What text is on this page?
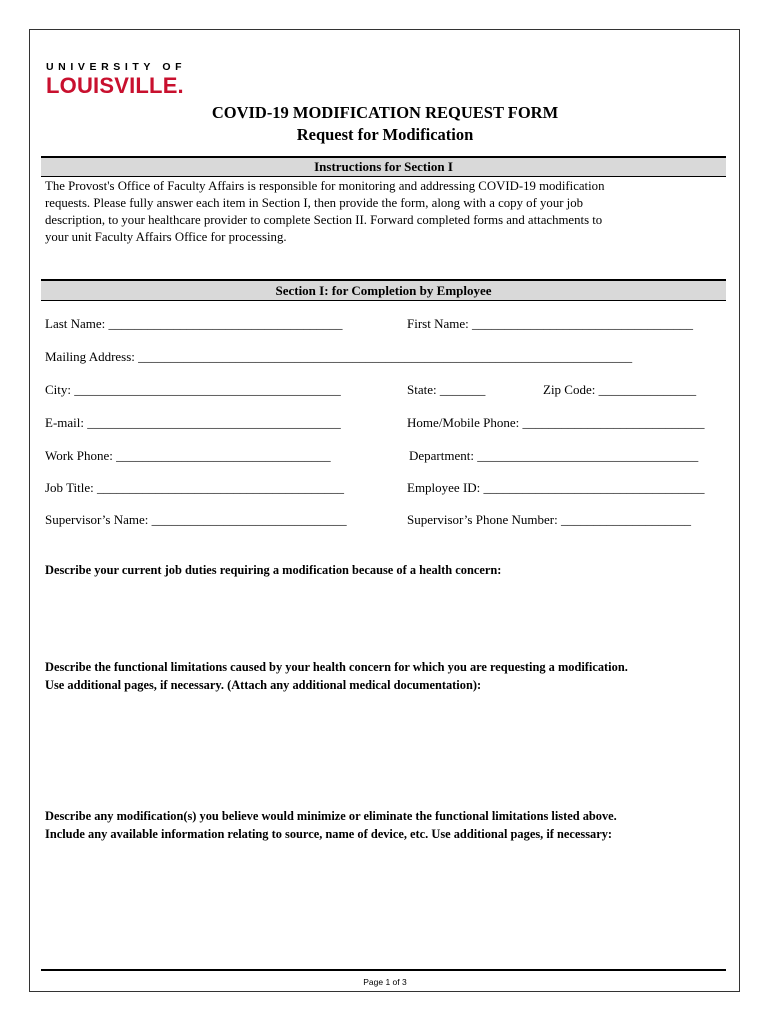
UNIVERSITY OF
LOUISVILLE.
COVID-19 MODIFICATION REQUEST FORM
Request for Modification
Instructions for Section I
The Provost's Office of Faculty Affairs is responsible for monitoring and addressing COVID-19 modification
requests. Please fully answer each item in Section I, then provide the form, along with a copy of your job
description, to your healthcare provider to complete Section II. Forward completed forms and attachments to
your unit Faculty Affairs Office for processing.
Section I: for Completion by Employee
Last Name: ____________________________________	First Name: __________________________________
Mailing Address: ____________________________________________________________________________
City: _________________________________________	State: _______	Zip Code: _______________
E-mail: _______________________________________	Home/Mobile Phone: ____________________________
Work Phone: _________________________________	Department: __________________________________
Job Title: ______________________________________	Employee ID: __________________________________
Supervisor’s Name: ______________________________	Supervisor’s Phone Number: ____________________
Describe your current job duties requiring a modification because of a health concern:
Describe the functional limitations caused by your health concern for which you are requesting a modification.
Use additional pages, if necessary. (Attach any additional medical documentation):
Describe any modification(s) you believe would minimize or eliminate the functional limitations listed above.
Include any available information relating to source, name of device, etc. Use additional pages, if necessary:
Page 1 of 3
